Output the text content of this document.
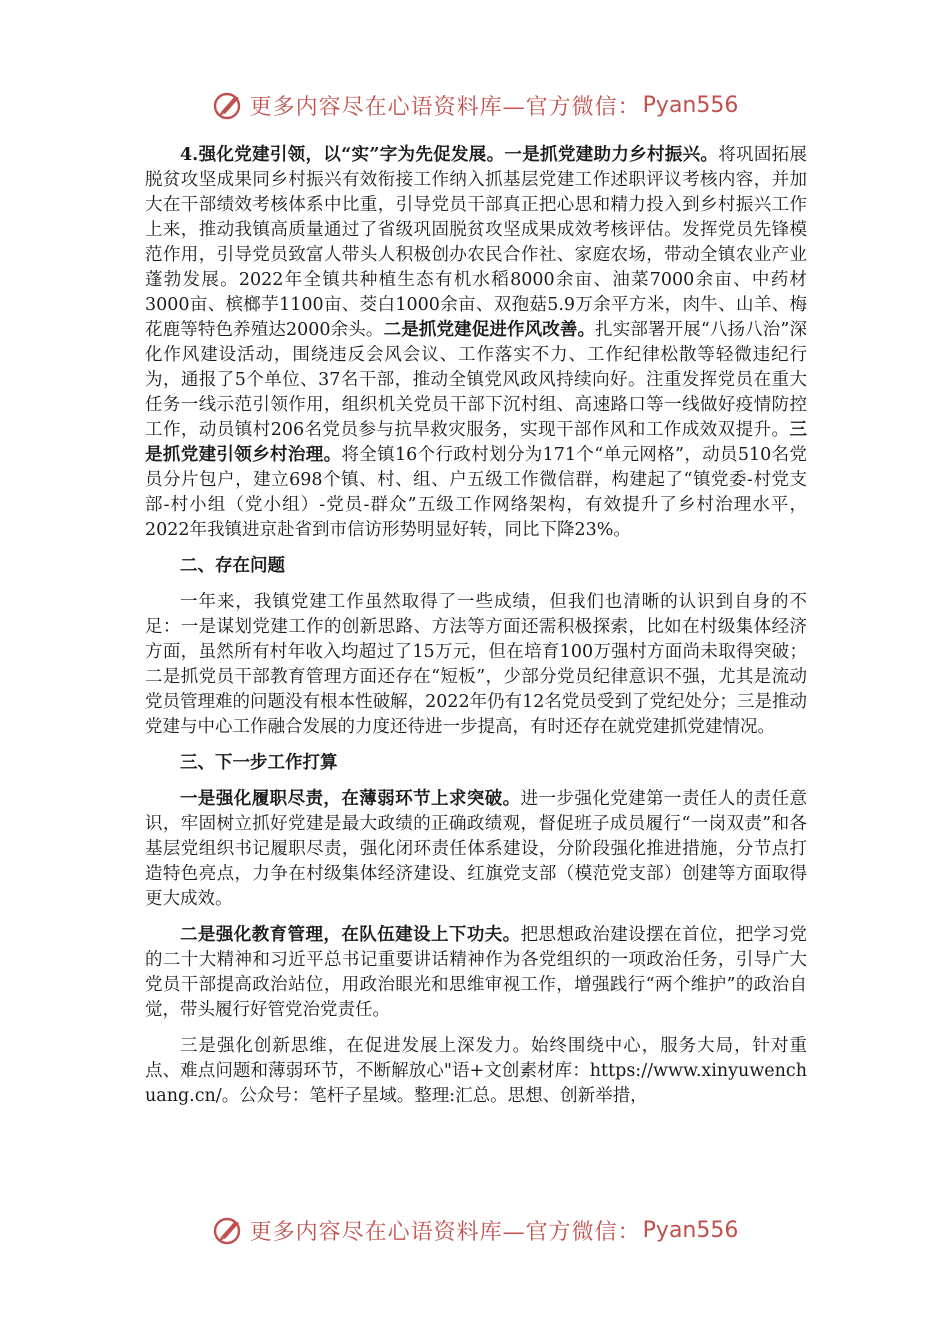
更多内容尽在心语资料库—官方微信： Pyan556

4.强化党建引领，以“实”字为先促发展。一是抓党建助力乡村振兴。将巩固拓展脱贫攻坚成果同乡村振兴有效衔接工作纳入抓基层党建工作述职评议考核内容，并加大在干部绩效考核体系中比重，引导党员干部真正把心思和精力投入到乡村振兴工作上来，推动我镇高质量通过了省级巩固脱贫攻坚成果成效考核评估。发挥党员先锋模范作用，引导党员致富人带头人积极创办农民合作社、家庭农场，带动全镇农业产业蓬勃发展。2022年全镇共种植生态有机水稻8000余亩、油菜7000余亩、中药材3000亩、槟榔芋1100亩、茭白1000余亩、双孢菇5.9万余平方米，肉牛、山羊、梅花鹿等特色养殖达2000余头。二是抓党建促进作风改善。扎实部署开展“八扬八治”深化作风建设活动，围绕违反会风会议、工作落实不力、工作纪律松散等轻微违纪行为，通报了5个单位、37名干部，推动全镇党风政风持续向好。注重发挥党员在重大任务一线示范引领作用，组织机关党员干部下沉村组、高速路口等一线做好疫情防控工作，动员镇村206名党员参与抗旱救灾服务，实现干部作风和工作成效双提升。三是抓党建引领乡村治理。将全镇16个行政村划分为171个“单元网格”，动员510名党员分片包户，建立698个镇、村、组、户五级工作微信群，构建起了“镇党委-村党支部-村小组（党小组）-党员-群众”五级工作网络架构，有效提升了乡村治理水平，2022年我镇进京赴省到市信访形势明显好转，同比下降23%。

二、存在问题

一年来，我镇党建工作虽然取得了一些成绩，但我们也清晰的认识到自身的不足：一是谋划党建工作的创新思路、方法等方面还需积极探索，比如在村级集体经济方面，虽然所有村年收入均超过了15万元，但在培育100万强村方面尚未取得突破；二是抓党员干部教育管理方面还存在“短板”，少部分党员纪律意识不强，尤其是流动党员管理难的问题没有根本性破解，2022年仍有12名党员受到了党纪处分；三是推动党建与中心工作融合发展的力度还待进一步提高，有时还存在就党建抓党建情况。

三、下一步工作打算

一是强化履职尽责，在薄弱环节上求突破。进一步强化党建第一责任人的责任意识，牢固树立抓好党建是最大政绩的正确政绩观，督促班子成员履行“一岗双责”和各基层党组织书记履职尽责，强化闭环责任体系建设，分阶段强化推进措施，分节点打造特色亮点，力争在村级集体经济建设、红旗党支部（模范党支部）创建等方面取得更大成效。

二是强化教育管理，在队伍建设上下功夫。把思想政治建设摆在首位，把学习党的二十大精神和习近平总书记重要讲话精神作为各党组织的一项政治任务，引导广大党员干部提高政治站位，用政治眼光和思维审视工作，增强践行“两个维护”的政治自觉，带头履行好管党治党责任。

三是强化创新思维，在促进发展上深发力。始终围绕中心，服务大局，针对重点、难点问题和薄弱环节，不断解放心"语+文创素材库：https://www.xinyuwenchuang.cn/。公众号：笔杆子星域。整理:汇总。思想、创新举措，

更多内容尽在心语资料库—官方微信： Pyan556
